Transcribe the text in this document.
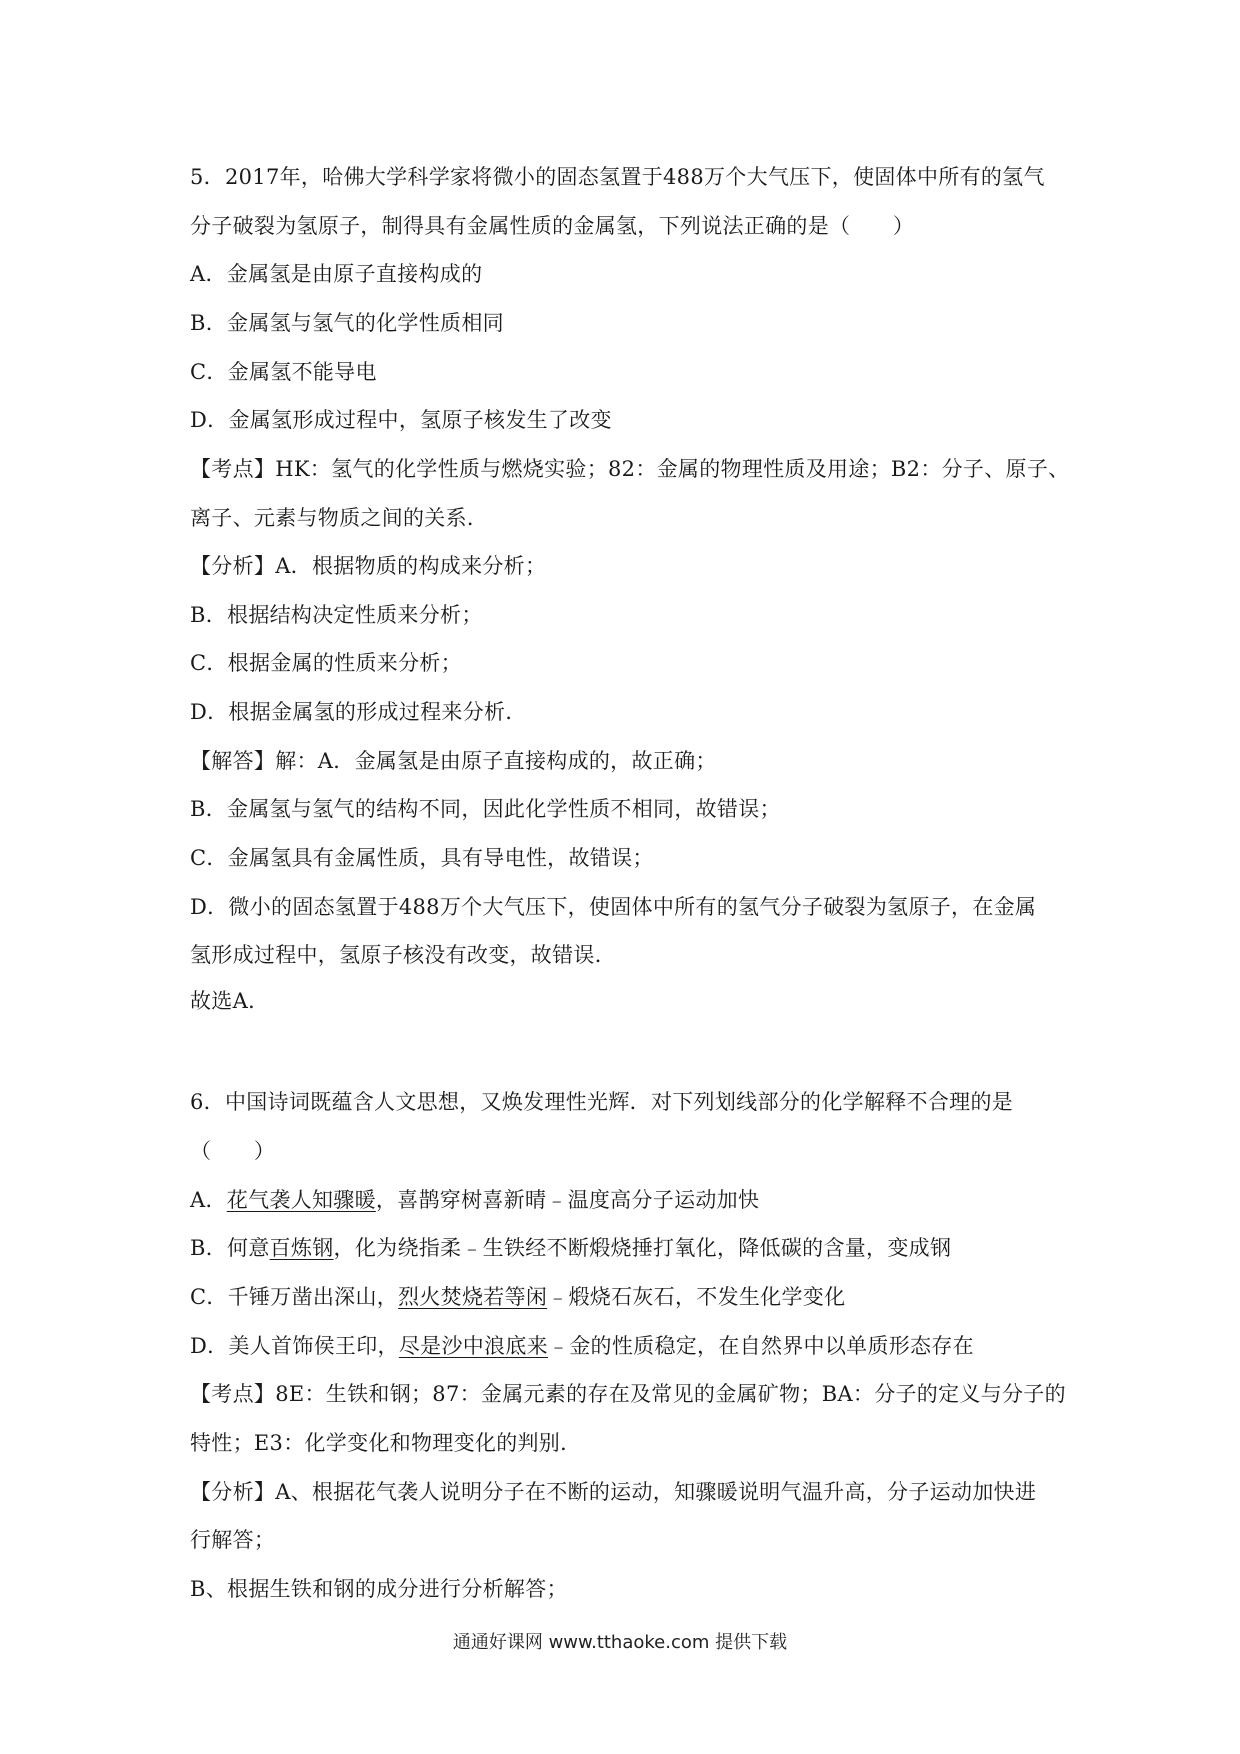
5．2017年，哈佛大学科学家将微小的固态氢置于488万个大气压下，使固体中所有的氢气
分子破裂为氢原子，制得具有金属性质的金属氢，下列说法正确的是（　　）
A．金属氢是由原子直接构成的
B．金属氢与氢气的化学性质相同
C．金属氢不能导电
D．金属氢形成过程中，氢原子核发生了改变
【考点】HK：氢气的化学性质与燃烧实验；82：金属的物理性质及用途；B2：分子、原子、
离子、元素与物质之间的关系．
【分析】A．根据物质的构成来分析；
B．根据结构决定性质来分析；
C．根据金属的性质来分析；
D．根据金属氢的形成过程来分析．
【解答】解：A．金属氢是由原子直接构成的，故正确；
B．金属氢与氢气的结构不同，因此化学性质不相同，故错误；
C．金属氢具有金属性质，具有导电性，故错误；
D．微小的固态氢置于488万个大气压下，使固体中所有的氢气分子破裂为氢原子，在金属
氢形成过程中，氢原子核没有改变，故错误．
故选A．
6．中国诗词既蕴含人文思想，又焕发理性光辉．对下列划线部分的化学解释不合理的是
（　　）
A．花气袭人知骤暖，喜鹊穿树喜新晴﹣温度高分子运动加快
B．何意百炼钢，化为绕指柔﹣生铁经不断煅烧捶打氧化，降低碳的含量，变成钢
C．千锤万凿出深山，烈火焚烧若等闲﹣煅烧石灰石，不发生化学变化
D．美人首饰侯王印，尽是沙中浪底来﹣金的性质稳定，在自然界中以单质形态存在
【考点】8E：生铁和钢；87：金属元素的存在及常见的金属矿物；BA：分子的定义与分子的
特性；E3：化学变化和物理变化的判别．
【分析】A、根据花气袭人说明分子在不断的运动，知骤暖说明气温升高，分子运动加快进
行解答；
B、根据生铁和钢的成分进行分析解答；
通通好课网 www.tthaoke.com 提供下载
